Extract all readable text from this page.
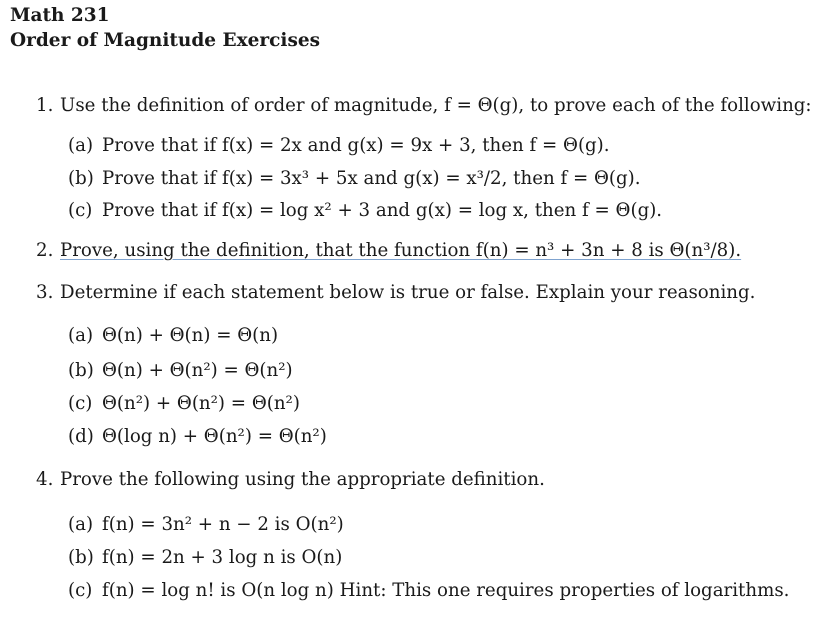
Math 231
Order of Magnitude Exercises
1. Use the definition of order of magnitude, f = Θ(g), to prove each of the following:
(a) Prove that if f(x) = 2x and g(x) = 9x + 3, then f = Θ(g).
(b) Prove that if f(x) = 3x³ + 5x and g(x) = x³/2, then f = Θ(g).
(c) Prove that if f(x) = log x² + 3 and g(x) = log x, then f = Θ(g).
2. Prove, using the definition, that the function f(n) = n³ + 3n + 8 is Θ(n³/8).
3. Determine if each statement below is true or false. Explain your reasoning.
(a) Θ(n) + Θ(n) = Θ(n)
(b) Θ(n) + Θ(n²) = Θ(n²)
(c) Θ(n²) + Θ(n²) = Θ(n²)
(d) Θ(log n) + Θ(n²) = Θ(n²)
4. Prove the following using the appropriate definition.
(a) f(n) = 3n² + n − 2 is O(n²)
(b) f(n) = 2n + 3 log n is O(n)
(c) f(n) = log n! is O(n log n) Hint: This one requires properties of logarithms.
